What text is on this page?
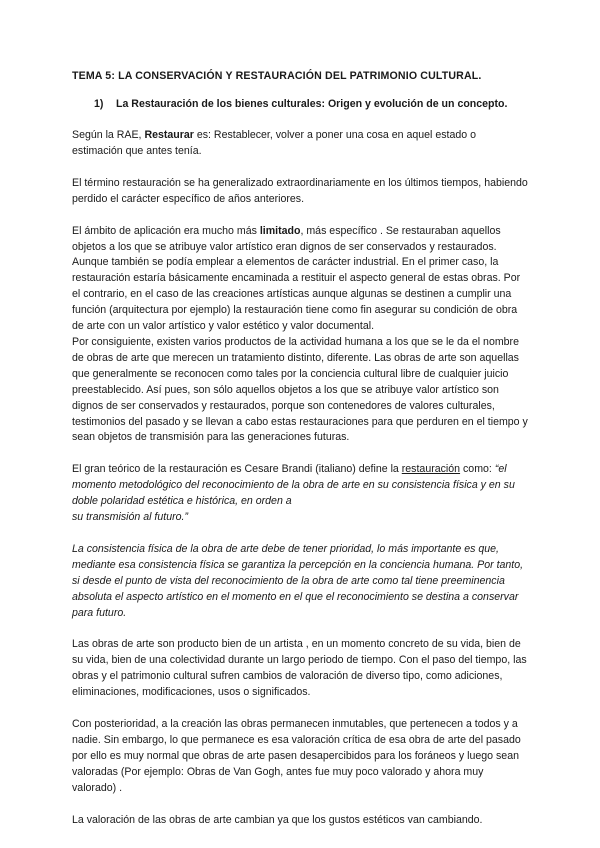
TEMA 5: LA CONSERVACIÓN Y RESTAURACIÓN DEL PATRIMONIO CULTURAL.
1) La Restauración de los bienes culturales: Origen y evolución de un concepto.

Según la RAE, Restaurar es: Restablecer, volver a poner una cosa en aquel estado o estimación que antes tenía.

El término restauración se ha generalizado extraordinariamente en los últimos tiempos, habiendo perdido el carácter específico de años anteriores.

El ámbito de aplicación era mucho más limitado, más específico . Se restauraban aquellos objetos a los que se atribuye valor artístico eran dignos de ser conservados y restaurados. Aunque también se podía emplear a elementos de carácter industrial. En el primer caso, la restauración estaría básicamente encaminada a restituir el aspecto general de estas obras. Por el contrario, en el caso de las creaciones artísticas aunque algunas se destinen a cumplir una función (arquitectura por ejemplo) la restauración tiene como fin asegurar su condición de obra de arte con un valor artístico y valor estético y valor documental.

Por consiguiente, existen varios productos de la actividad humana a los que se le da el nombre de obras de arte que merecen un tratamiento distinto, diferente. Las obras de arte son aquellas que generalmente se reconocen como tales por la conciencia cultural libre de cualquier juicio preestablecido. Así pues, son sólo aquellos objetos a los que se atribuye valor artístico son dignos de ser conservados y restaurados, porque son contenedores de valores culturales, testimonios del pasado y se llevan a cabo estas restauraciones para que perduren en el tiempo y sean objetos de transmisión para las generaciones futuras.

El gran teórico de la restauración es Cesare Brandi (italiano) define la restauración como: “el momento metodológico del reconocimiento de la obra de arte en su consistencia física y en su doble polaridad estética e histórica, en orden a
su transmisión al futuro.”

La consistencia física de la obra de arte debe de tener prioridad, lo más importante es que, mediante esa consistencia física se garantiza la percepción en la conciencia humana. Por tanto, si desde el punto de vista del reconocimiento de la obra de arte como tal tiene preeminencia absoluta el aspecto artístico en el momento en el que el reconocimiento se destina a conservar para futuro.

Las obras de arte son producto bien de un artista , en un momento concreto de su vida, bien de su vida, bien de una colectividad durante un largo periodo de tiempo. Con el paso del tiempo, las obras y el patrimonio cultural sufren cambios de valoración de diverso tipo, como adiciones, eliminaciones, modificaciones, usos o significados.

Con posterioridad, a la creación las obras permanecen inmutables, que pertenecen a todos y a nadie. Sin embargo, lo que permanece es esa valoración crítica de esa obra de arte del pasado por ello es muy normal que obras de arte pasen desapercibidos para los foráneos y luego sean valoradas (Por ejemplo: Obras de Van Gogh, antes fue muy poco valorado y ahora muy valorado) .

La valoración de las obras de arte cambian ya que los gustos estéticos van cambiando.
